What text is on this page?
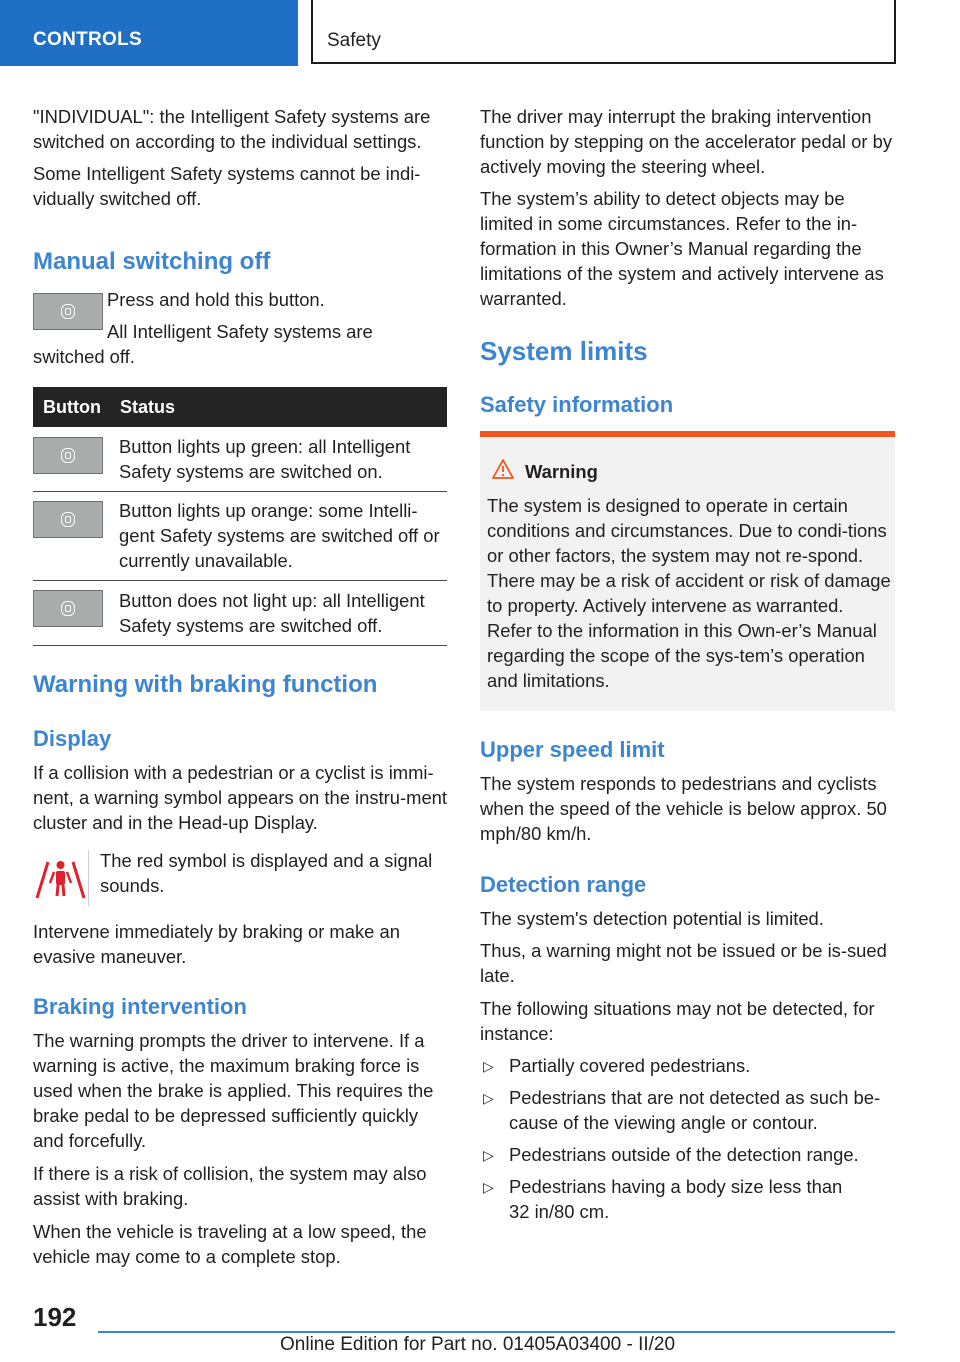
CONTROLS	Safety

"INDIVIDUAL": the Intelligent Safety systems are switched on according to the individual settings.

Some Intelligent Safety systems cannot be indi-vidually switched off.

Manual switching off

Press and hold this button.

All Intelligent Safety systems are switched off.

Button Status

Button lights up green: all Intelligent Safety systems are switched on.

Button lights up orange: some Intelli-gent Safety systems are switched off or currently unavailable.

Button does not light up: all Intelligent Safety systems are switched off.

Warning with braking function
Display

If a collision with a pedestrian or a cyclist is immi-nent, a warning symbol appears on the instru-ment cluster and in the Head-up Display.

The red symbol is displayed and a signal sounds.

Intervene immediately by braking or make an evasive maneuver.

Braking intervention

The warning prompts the driver to intervene. If a warning is active, the maximum braking force is used when the brake is applied. This requires the brake pedal to be depressed sufficiently quickly and forcefully.

If there is a risk of collision, the system may also assist with braking.

When the vehicle is traveling at a low speed, the vehicle may come to a complete stop.

The driver may interrupt the braking intervention function by stepping on the accelerator pedal or by actively moving the steering wheel.

The system’s ability to detect objects may be limited in some circumstances. Refer to the in-formation in this Owner’s Manual regarding the limitations of the system and actively intervene as warranted.

System limits
Safety information
Warning

The system is designed to operate in certain conditions and circumstances. Due to condi-tions or other factors, the system may not re-spond. There may be a risk of accident or risk of damage to property. Actively intervene as warranted. Refer to the information in this Own-er’s Manual regarding the scope of the sys-tem’s operation and limitations.

Upper speed limit

The system responds to pedestrians and cyclists when the speed of the vehicle is below approx. 50 mph/80 km/h.

Detection range

The system's detection potential is limited.

Thus, a warning might not be issued or be is-sued late.

The following situations may not be detected, for instance:

▷ Partially covered pedestrians.

▷ Pedestrians that are not detected as such be-cause of the viewing angle or contour.

▷ Pedestrians outside of the detection range.

▷ Pedestrians having a body size less than 32 in/80 cm.

192
Online Edition for Part no. 01405A03400 - II/20
